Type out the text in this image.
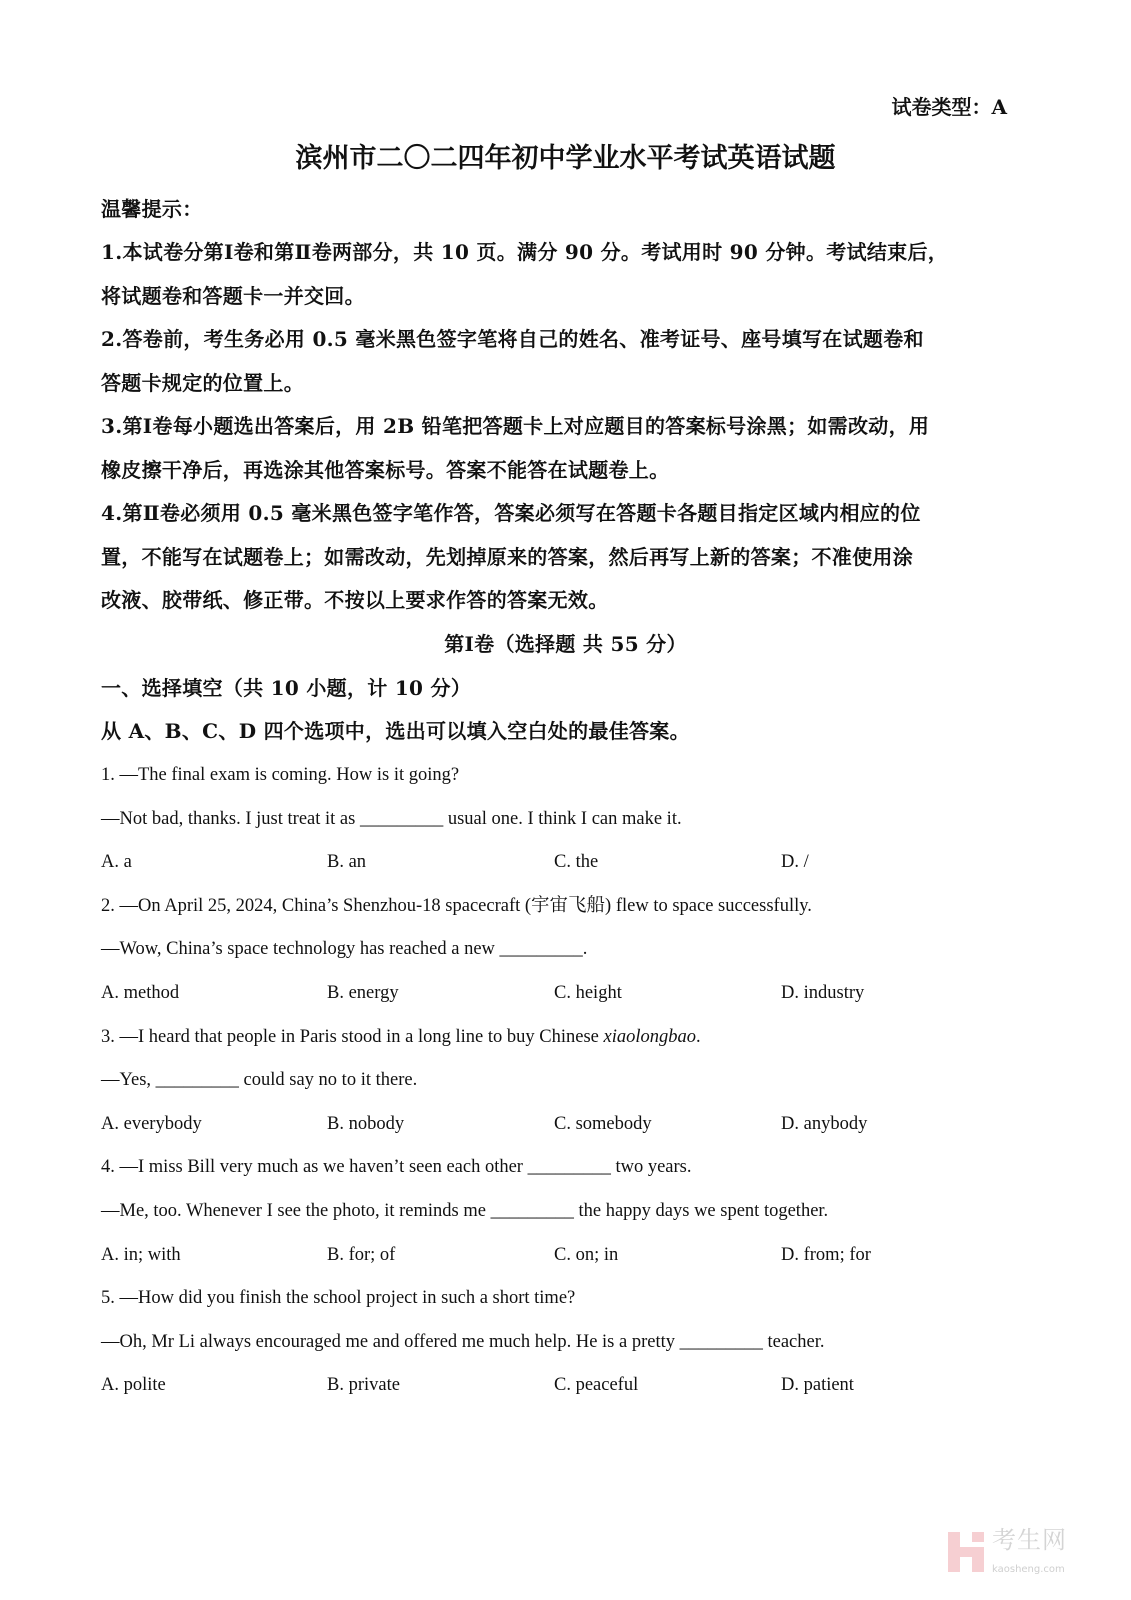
试卷类型：A
滨州市二〇二四年初中学业水平考试英语试题
温馨提示：
1.本试卷分第Ⅰ卷和第Ⅱ卷两部分，共 10 页。满分 90 分。考试用时 90 分钟。考试结束后，
将试题卷和答题卡一并交回。
2.答卷前，考生务必用 0.5 毫米黑色签字笔将自己的姓名、准考证号、座号填写在试题卷和
答题卡规定的位置上。
3.第Ⅰ卷每小题选出答案后，用 2B 铅笔把答题卡上对应题目的答案标号涂黑；如需改动，用
橡皮擦干净后，再选涂其他答案标号。答案不能答在试题卷上。
4.第Ⅱ卷必须用 0.5 毫米黑色签字笔作答，答案必须写在答题卡各题目指定区域内相应的位
置，不能写在试题卷上；如需改动，先划掉原来的答案，然后再写上新的答案；不准使用涂
改液、胶带纸、修正带。不按以上要求作答的答案无效。
第Ⅰ卷（选择题 共 55 分）
一、选择填空（共 10 小题，计 10 分）
从 A、B、C、D 四个选项中，选出可以填入空白处的最佳答案。
1. —The final exam is coming. How is it going?
—Not bad, thanks. I just treat it as _________ usual one. I think I can make it.
A. a	B. an	C. the	D. /
2. —On April 25, 2024, China’s Shenzhou-18 spacecraft (宇宙飞船) flew to space successfully.
—Wow, China’s space technology has reached a new _________.
A. method	B. energy	C. height	D. industry
3. —I heard that people in Paris stood in a long line to buy Chinese xiaolongbao.
—Yes, _________ could say no to it there.
A. everybody	B. nobody	C. somebody	D. anybody
4. —I miss Bill very much as we haven’t seen each other _________ two years.
—Me, too. Whenever I see the photo, it reminds me _________ the happy days we spent together.
A. in; with	B. for; of	C. on; in	D. from; for
5. —How did you finish the school project in such a short time?
—Oh, Mr Li always encouraged me and offered me much help. He is a pretty _________ teacher.
A. polite	B. private	C. peaceful	D. patient
考生网
kaosheng.com
